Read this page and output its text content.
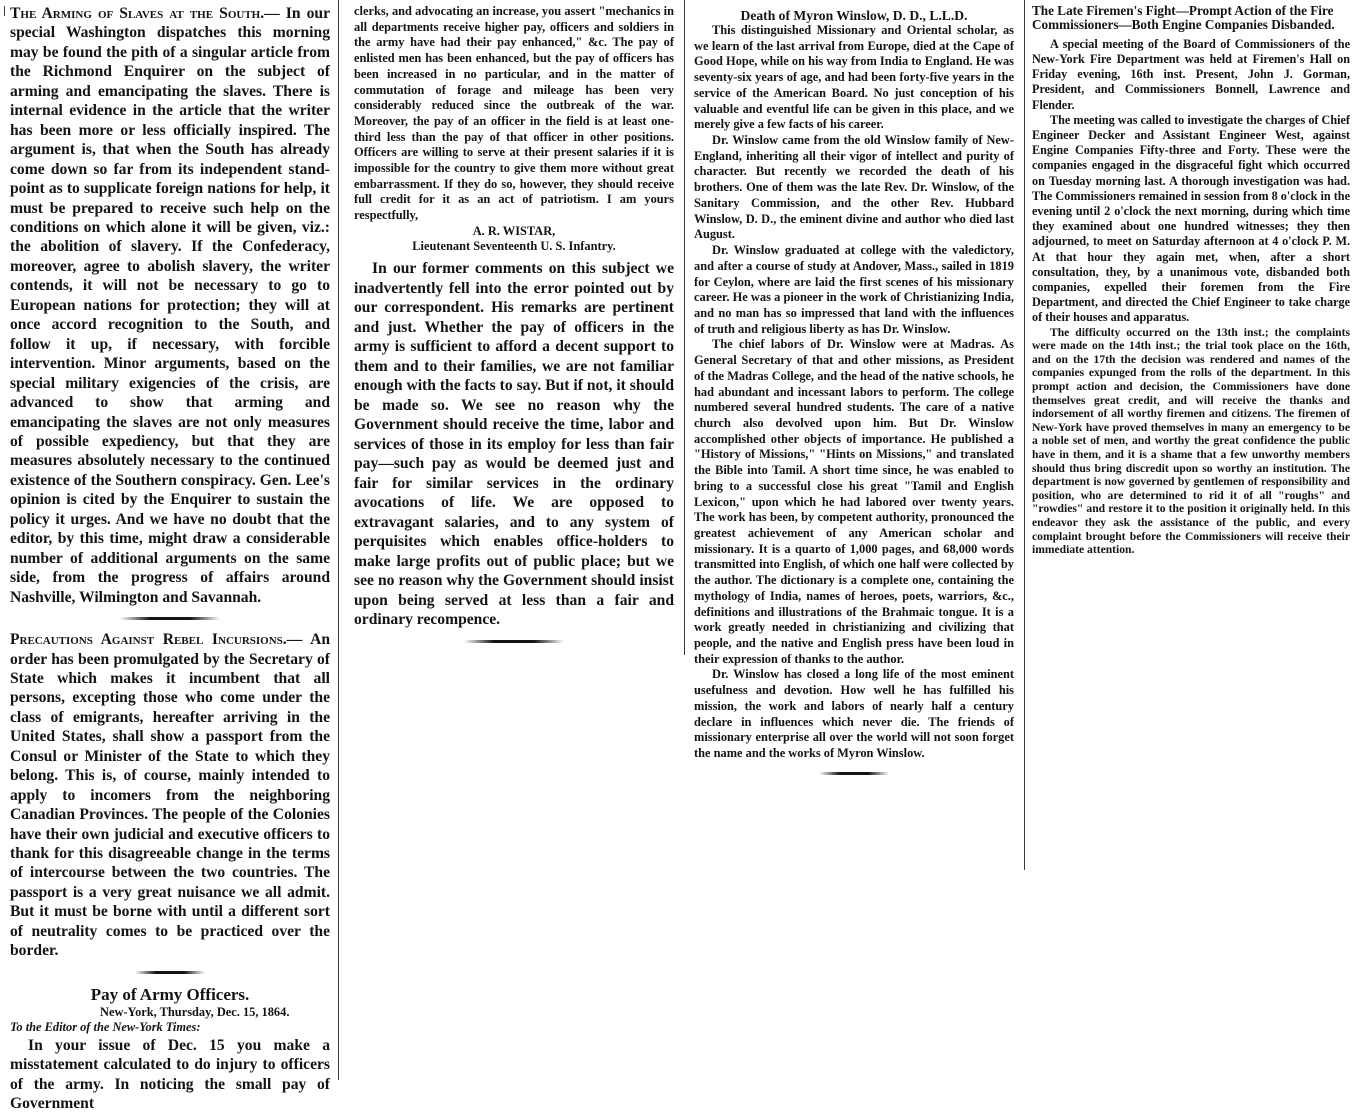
The Arming of Slaves at the South.— In our special Washington dispatches this morning may be found the pith of a singular article from the Richmond Enquirer on the subject of arming and emancipating the slaves. There is internal evidence in the article that the writer has been more or less officially inspired. The argument is, that when the South has already come down so far from its independent stand-point as to supplicate foreign nations for help, it must be prepared to receive such help on the conditions on which alone it will be given, viz.: the abolition of slavery. If the Confederacy, moreover, agree to abolish slavery, the writer contends, it will not be necessary to go to European nations for protection; they will at once accord recognition to the South, and follow it up, if necessary, with forcible intervention. Minor arguments, based on the special military exigencies of the crisis, are advanced to show that arming and emancipating the slaves are not only measures of possible expediency, but that they are measures absolutely necessary to the continued existence of the Southern conspiracy. Gen. Lee's opinion is cited by the Enquirer to sustain the policy it urges. And we have no doubt that the editor, by this time, might draw a considerable number of additional arguments on the same side, from the progress of affairs around Nashville, Wilmington and Savannah.

Precautions Against Rebel Incursions.— An order has been promulgated by the Secretary of State which makes it incumbent that all persons, excepting those who come under the class of emigrants, hereafter arriving in the United States, shall show a passport from the Consul or Minister of the State to which they belong. This is, of course, mainly intended to apply to incomers from the neighboring Canadian Provinces. The people of the Colonies have their own judicial and executive officers to thank for this disagreeable change in the terms of intercourse between the two countries. The passport is a very great nuisance we all admit. But it must be borne with until a different sort of neutrality comes to be practiced over the border.

Pay of Army Officers.

New-York, Thursday, Dec. 15, 1864.

To the Editor of the New-York Times:

In your issue of Dec. 15 you make a misstatement calculated to do injury to officers of the army. In noticing the small pay of Government

clerks, and advocating an increase, you assert "mechanics in all departments receive higher pay, officers and soldiers in the army have had their pay enhanced," &c. The pay of enlisted men has been enhanced, but the pay of officers has been increased in no particular, and in the matter of commutation of forage and mileage has been very considerably reduced since the outbreak of the war. Moreover, the pay of an officer in the field is at least one-third less than the pay of that officer in other positions. Officers are willing to serve at their present salaries if it is impossible for the country to give them more without great embarrassment. If they do so, however, they should receive full credit for it as an act of patriotism. I am yours respectfully,

A. R. WISTAR,

Lieutenant Seventeenth U. S. Infantry.

In our former comments on this subject we inadvertently fell into the error pointed out by our correspondent. His remarks are pertinent and just. Whether the pay of officers in the army is sufficient to afford a decent support to them and to their families, we are not familiar enough with the facts to say. But if not, it should be made so. We see no reason why the Government should receive the time, labor and services of those in its employ for less than fair pay—such pay as would be deemed just and fair for similar services in the ordinary avocations of life. We are opposed to extravagant salaries, and to any system of perquisites which enables office-holders to make large profits out of public place; but we see no reason why the Government should insist upon being served at less than a fair and ordinary recompence.

Death of Myron Winslow, D. D., L.L.D.

This distinguished Missionary and Oriental scholar, as we learn of the last arrival from Europe, died at the Cape of Good Hope, while on his way from India to England. He was seventy-six years of age, and had been forty-five years in the service of the American Board. No just conception of his valuable and eventful life can be given in this place, and we merely give a few facts of his career.

Dr. Winslow came from the old Winslow family of New-England, inheriting all their vigor of intellect and purity of character. But recently we recorded the death of his brothers. One of them was the late Rev. Dr. Winslow, of the Sanitary Commission, and the other Rev. Hubbard Winslow, D. D., the eminent divine and author who died last August.

Dr. Winslow graduated at college with the valedictory, and after a course of study at Andover, Mass., sailed in 1819 for Ceylon, where are laid the first scenes of his missionary career. He was a pioneer in the work of Christianizing India, and no man has so impressed that land with the influences of truth and religious liberty as has Dr. Winslow.

The chief labors of Dr. Winslow were at Madras. As General Secretary of that and other missions, as President of the Madras College, and the head of the native schools, he had abundant and incessant labors to perform. The college numbered several hundred students. The care of a native church also devolved upon him. But Dr. Winslow accomplished other objects of importance. He published a "History of Missions," "Hints on Missions," and translated the Bible into Tamil. A short time since, he was enabled to bring to a successful close his great "Tamil and English Lexicon," upon which he had labored over twenty years. The work has been, by competent authority, pronounced the greatest achievement of any American scholar and missionary. It is a quarto of 1,000 pages, and 68,000 words transmitted into English, of which one half were collected by the author. The dictionary is a complete one, containing the mythology of India, names of heroes, poets, warriors, &c., definitions and illustrations of the Brahmaic tongue. It is a work greatly needed in christianizing and civilizing that people, and the native and English press have been loud in their expression of thanks to the author.

Dr. Winslow has closed a long life of the most eminent usefulness and devotion. How well he has fulfilled his mission, the work and labors of nearly half a century declare in influences which never die. The friends of missionary enterprise all over the world will not soon forget the name and the works of Myron Winslow.

The Late Firemen's Fight—Prompt Action of the Fire Commissioners—Both Engine Companies Disbanded.

A special meeting of the Board of Commissioners of the New-York Fire Department was held at Firemen's Hall on Friday evening, 16th inst. Present, John J. Gorman, President, and Commissioners Bonnell, Lawrence and Flender.

The meeting was called to investigate the charges of Chief Engineer Decker and Assistant Engineer West, against Engine Companies Fifty-three and Forty. These were the companies engaged in the disgraceful fight which occurred on Tuesday morning last. A thorough investigation was had. The Commissioners remained in session from 8 o'clock in the evening until 2 o'clock the next morning, during which time they examined about one hundred witnesses; they then adjourned, to meet on Saturday afternoon at 4 o'clock P. M. At that hour they again met, when, after a short consultation, they, by a unanimous vote, disbanded both companies, expelled their foremen from the Fire Department, and directed the Chief Engineer to take charge of their houses and apparatus.

The difficulty occurred on the 13th inst.; the complaints were made on the 14th inst.; the trial took place on the 16th, and on the 17th the decision was rendered and names of the companies expunged from the rolls of the department. In this prompt action and decision, the Commissioners have done themselves great credit, and will receive the thanks and indorsement of all worthy firemen and citizens. The firemen of New-York have proved themselves in many an emergency to be a noble set of men, and worthy the great confidence the public have in them, and it is a shame that a few unworthy members should thus bring discredit upon so worthy an institution. The department is now governed by gentlemen of responsibility and position, who are determined to rid it of all "roughs" and "rowdies" and restore it to the position it originally held. In this endeavor they ask the assistance of the public, and every complaint brought before the Commissioners will receive their immediate attention.
